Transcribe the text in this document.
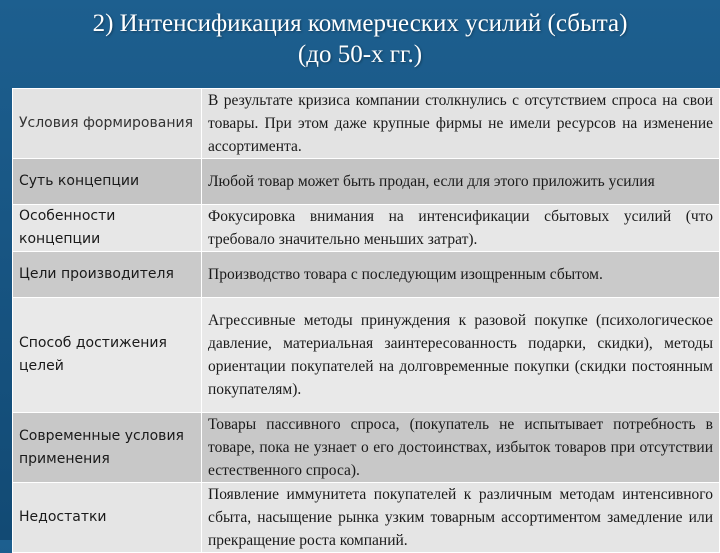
2) Интенсификация коммерческих усилий (сбыта)
(до 50-х гг.)
Условия формирования	В результате кризиса компании столкнулись с отсутствием спроса на свои товары. При этом даже крупные фирмы не имели ресурсов на изменение ассортимента.
Суть концепции	Любой товар может быть продан, если для этого приложить усилия
Особенности концепции	Фокусировка внимания на интенсификации сбытовых усилий (что требовало значительно меньших затрат).
Цели производителя	Производство товара с последующим изощренным сбытом.
Способ достижения целей	Агрессивные методы принуждения к разовой покупке (психологическое давление, материальная заинтересованность подарки, скидки), методы ориентации покупателей на долговременные покупки (скидки постоянным покупателям).
Современные условия применения	Товары пассивного спроса, (покупатель не испытывает потребность в товаре, пока не узнает о его достоинствах, избыток товаров при отсутствии естественного спроса).
Недостатки	Появление иммунитета покупателей к различным методам интенсивного сбыта, насыщение рынка узким товарным ассортиментом замедление или прекращение роста компаний.
